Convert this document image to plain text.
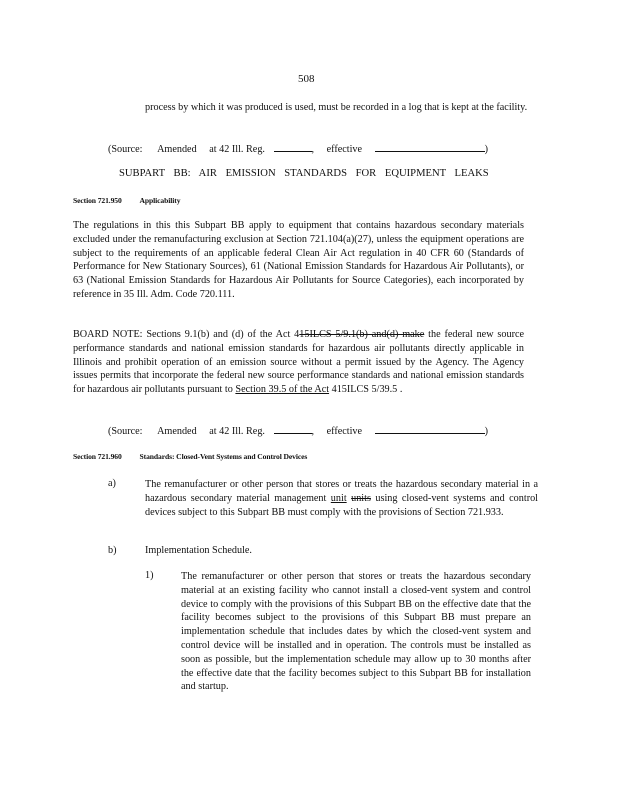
508
process by which it was produced is used, must be recorded in a log that is kept at the facility.
(Source: Amended at 42 Ill. Reg.	, effective	)
SUBPART BB: AIR EMISSION STANDARDS FOR EQUIPMENT LEAKS
Section 721.950 Applicability
The regulations in this this Subpart BB apply to equipment that contains hazardous secondary materials excluded under the remanufacturing exclusion at Section 721.104(a)(27), unless the equipment operations are subject to the requirements of an applicable federal Clean Air Act regulation in 40 CFR 60 (Standards of Performance for New Stationary Sources), 61 (National Emission Standards for Hazardous Air Pollutants), or 63 (National Emission Standards for Hazardous Air Pollutants for Source Categories), each incorporated by reference in 35 Ill. Adm. Code 720.111.
BOARD NOTE: Sections 9.1(b) and (d) of the Act 415ILCS 5/9.1(b) and(d) make the federal new source performance standards and national emission standards for hazardous air pollutants directly applicable in Illinois and prohibit operation of an emission source without a permit issued by the Agency. The Agency issues permits that incorporate the federal new source performance standards and national emission standards for hazardous air pollutants pursuant to Section 39.5 of the Act 415ILCS 5/39.5 .
(Source: Amended at 42 Ill. Reg.	, effective	)
Section 721.960 Standards: Closed-Vent Systems and Control Devices
a)	The remanufacturer or other person that stores or treats the hazardous secondary material in a hazardous secondary material management unit units using closed-vent systems and control devices subject to this Subpart BB must comply with the provisions of Section 721.933.
b)	Implementation Schedule.
1)	The remanufacturer or other person that stores or treats the hazardous secondary material at an existing facility who cannot install a closed-vent system and control device to comply with the provisions of this Subpart BB on the effective date that the facility becomes subject to the provisions of this Subpart BB must prepare an implementation schedule that includes dates by which the closed-vent system and control device will be installed and in operation. The controls must be installed as soon as possible, but the implementation schedule may allow up to 30 months after the effective date that the facility becomes subject to this Subpart BB for installation and startup.
